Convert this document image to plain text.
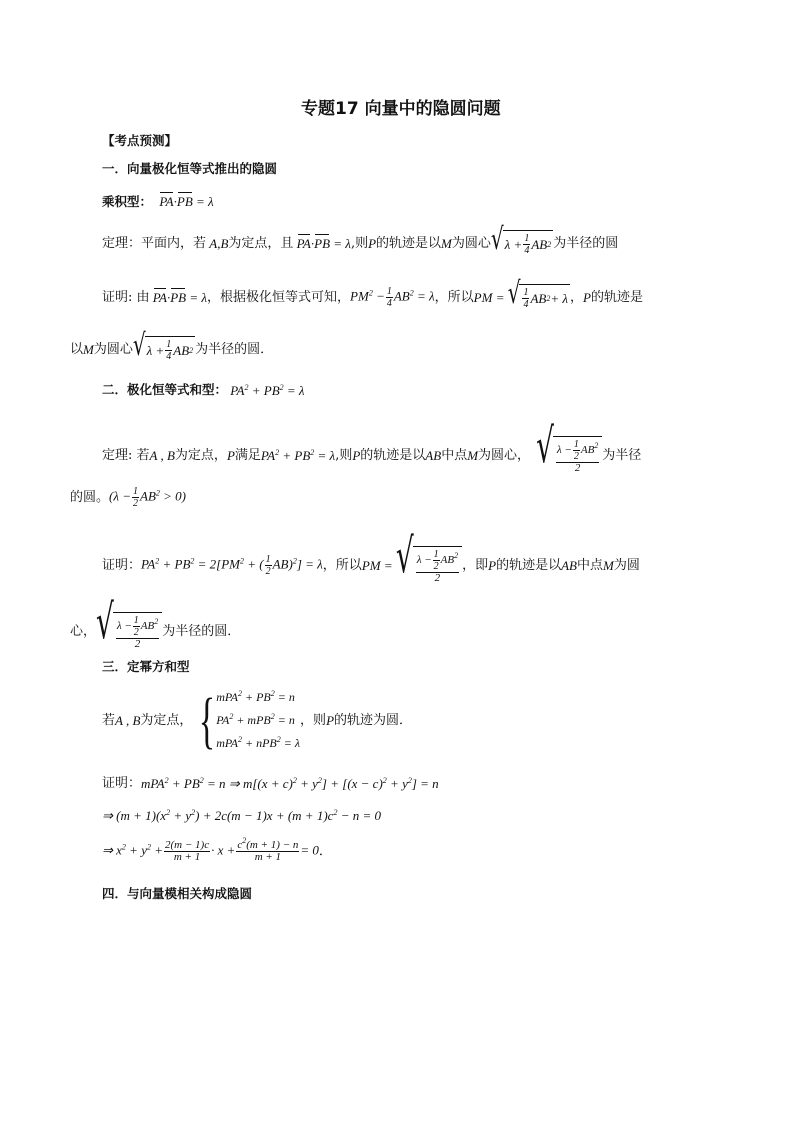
专题17 向量中的隐圆问题
【考点预测】
一．向量极化恒等式推出的隐圆
乘积型： PA·PB = λ
定理：平面内，若 A,B 为定点，且 PA·PB = λ ,则 P 的轨迹是以 M 为圆心 √ $\lambda + \frac{1}{4}$ AB 2 为半径的圆
证明: 由 PA·PB = λ ，根据极化恒等式可知， $PM^2 - \frac{1}{4} AB^2 = \lambda$ ，所以 PM = √ $\frac{1}{4}$ AB 2 + λ ， P 的轨迹是
以 M 为圆心 √ $\lambda + \frac{1}{4}$ AB 2 为半径的圆．
二．极化恒等式和型： $PA^2 + PB^2 = \lambda$
定理: 若 A , B 为定点， P 满足 $PA^2 + PB^2 = \lambda$ ,则 P 的轨迹是以 AB 中点 M 为圆心， √ $\frac{\lambda - \frac{1}{2} AB^2}{2}$ 为半径
的圆。 $(\lambda - \frac{1}{2} AB^2 > 0)$
证明： $PA^2 + PB^2 = 2[PM^2$ + ( $\frac{1}{2} AB)^2] = \lambda$ ，所以 PM = √ $\frac{\lambda - \frac{1}{2} AB^2}{2}$ ，即 P 的轨迹是以 AB 中点 M 为圆
心， √ $\frac{\lambda - \frac{1}{2} AB^2}{2}$ 为半径的圆．
三．定幂方和型
若 A , B 为定点， { $mPA^2 + PB^2 = n$
$PA^2 + mPB^2 = n$
mPA$^2$ + nPB$^2$ = λ
，则 P 的轨迹为圆．
证明： $mPA^2 + PB^2 = n$ ⇒ $m[(x + c)^2 + y^2] + [(x - c)^2 + y^2] = n$
⇒ $(m + 1)(x^2 + y^2) + 2c(m - 1)x + (m + 1)c^2 - n = 0$
⇒ $x^2 + y^2 + \frac{2(m - 1)c}{m + 1} \cdot x + \frac{c^2(m + 1) - n}{m + 1} = 0$ ．
四．与向量模相关构成隐圆
